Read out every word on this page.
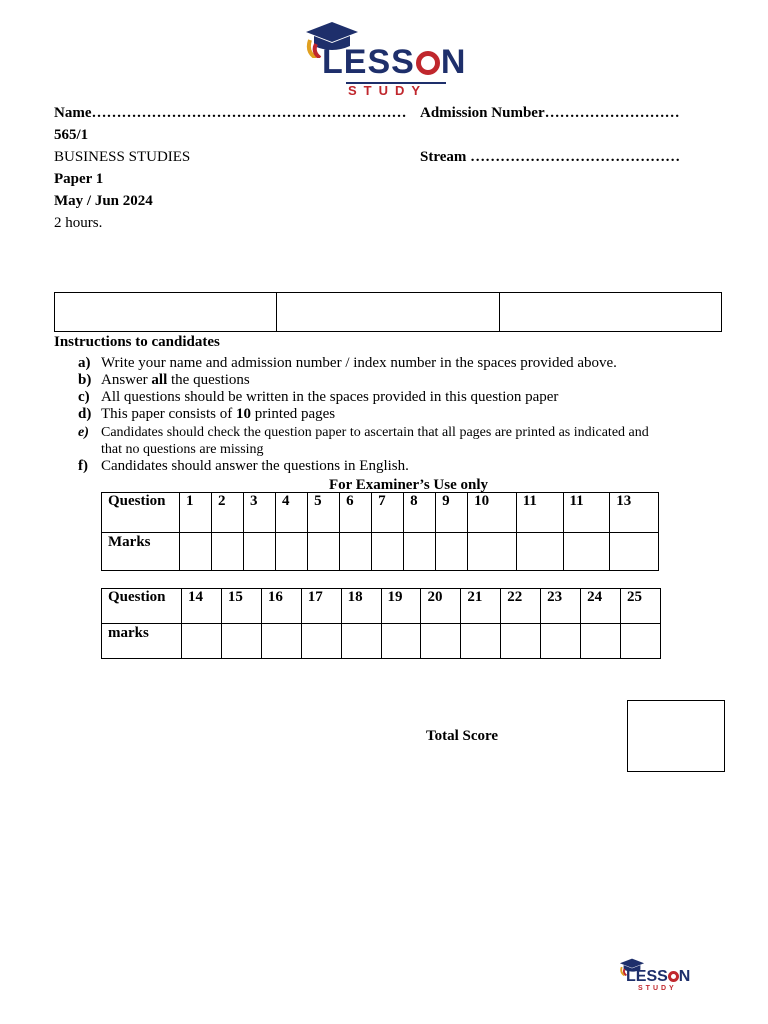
LESS N
STUDY
Name……………………………………………………… Admission Number………………………
565/1
BUSINESS STUDIES	Stream ……………………………………
Paper 1
May / Jun 2024
2 hours.
Instructions to candidates
a) Write your name and admission number / index number in the spaces provided above.
b) Answer all the questions
c) All questions should be written in the spaces provided in this question paper
d) This paper consists of 10 printed pages
e) Candidates should check the question paper to ascertain that all pages are printed as indicated and
that no questions are missing
f) Candidates should answer the questions in English.
For Examiner’s Use only
Question	1	2	3	4	5	6	7	8	9	10	11	11	13
Marks													
Question	14	15	16	17	18	19	20	21	22	23	24	25
marks												
Total Score
LESS N
STUDY
